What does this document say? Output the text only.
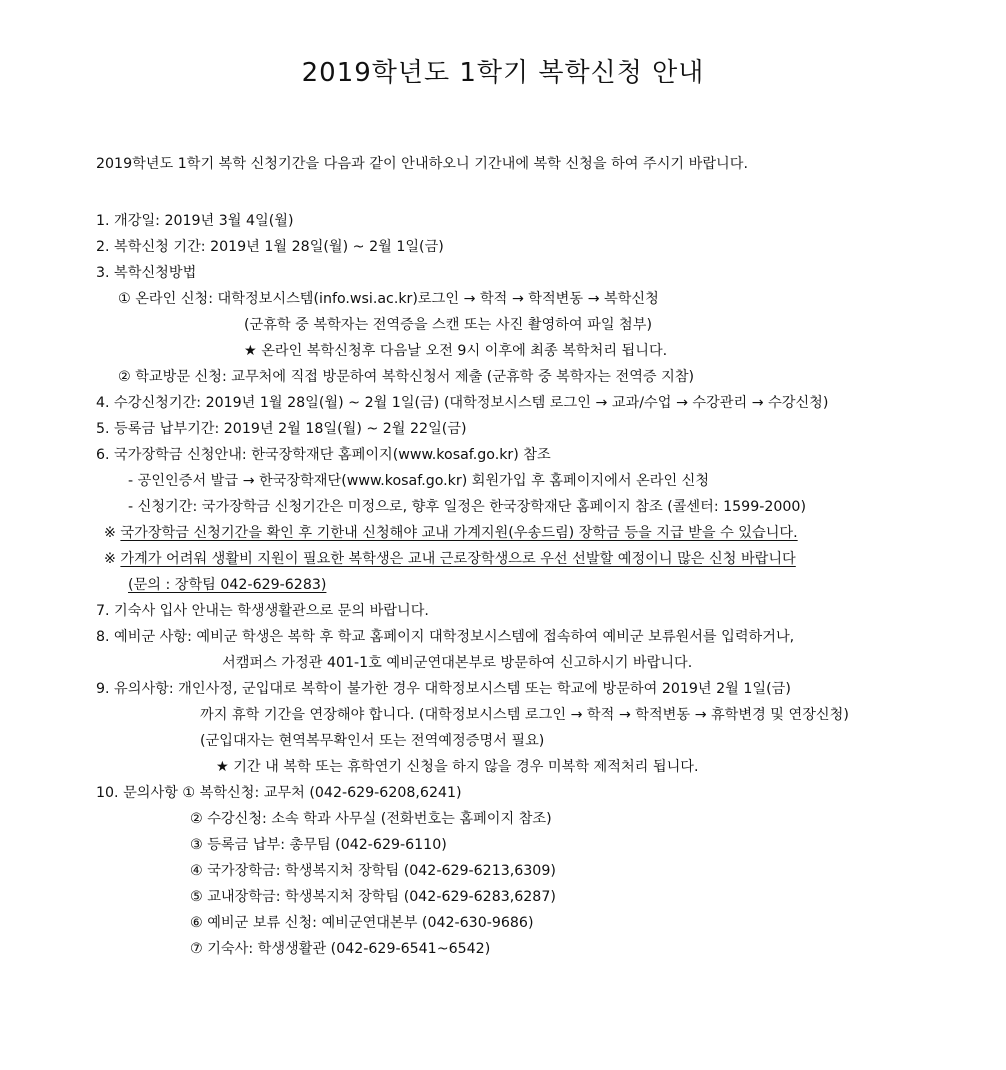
2019학년도 1학기 복학신청 안내
2019학년도 1학기 복학 신청기간을 다음과 같이 안내하오니 기간내에 복학 신청을 하여 주시기 바랍니다.
1. 개강일: 2019년 3월 4일(월)
2. 복학신청 기간: 2019년 1월 28일(월) ~ 2월 1일(금)
3. 복학신청방법
① 온라인 신청: 대학정보시스템(info.wsi.ac.kr)로그인 → 학적 → 학적변동 → 복학신청
(군휴학 중 복학자는 전역증을 스캔 또는 사진 촬영하여 파일 첨부)
★ 온라인 복학신청후 다음날 오전 9시 이후에 최종 복학처리 됩니다.
② 학교방문 신청: 교무처에 직접 방문하여 복학신청서 제출 (군휴학 중 복학자는 전역증 지참)
4. 수강신청기간: 2019년 1월 28일(월) ~ 2월 1일(금) (대학정보시스템 로그인 → 교과/수업 → 수강관리 → 수강신청)
5. 등록금 납부기간: 2019년 2월 18일(월) ~ 2월 22일(금)
6. 국가장학금 신청안내: 한국장학재단 홈페이지(www.kosaf.go.kr) 참조
- 공인인증서 발급 → 한국장학재단(www.kosaf.go.kr) 회원가입 후 홈페이지에서 온라인 신청
- 신청기간: 국가장학금 신청기간은 미정으로, 향후 일정은 한국장학재단 홈페이지 참조 (콜센터: 1599-2000)
※ 국가장학금 신청기간을 확인 후 기한내 신청해야 교내 가계지원(우송드림) 장학금 등을 지급 받을 수 있습니다.
※ 가계가 어려워 생활비 지원이 필요한 복학생은 교내 근로장학생으로 우선 선발할 예정이니 많은 신청 바랍니다
(문의 : 장학팀 042-629-6283)
7. 기숙사 입사 안내는 학생생활관으로 문의 바랍니다.
8. 예비군 사항: 예비군 학생은 복학 후 학교 홈페이지 대학정보시스템에 접속하여 예비군 보류원서를 입력하거나,
서캠퍼스 가정관 401-1호 예비군연대본부로 방문하여 신고하시기 바랍니다.
9. 유의사항: 개인사정, 군입대로 복학이 불가한 경우 대학정보시스템 또는 학교에 방문하여 2019년 2월 1일(금)
까지 휴학 기간을 연장해야 합니다. (대학정보시스템 로그인 → 학적 → 학적변동 → 휴학변경 및 연장신청)
(군입대자는 현역복무확인서 또는 전역예정증명서 필요)
★ 기간 내 복학 또는 휴학연기 신청을 하지 않을 경우 미복학 제적처리 됩니다.
10. 문의사항 ① 복학신청: 교무처 (042-629-6208,6241)
② 수강신청: 소속 학과 사무실 (전화번호는 홈페이지 참조)
③ 등록금 납부: 총무팀 (042-629-6110)
④ 국가장학금: 학생복지처 장학팀 (042-629-6213,6309)
⑤ 교내장학금: 학생복지처 장학팀 (042-629-6283,6287)
⑥ 예비군 보류 신청: 예비군연대본부 (042-630-9686)
⑦ 기숙사: 학생생활관 (042-629-6541~6542)
